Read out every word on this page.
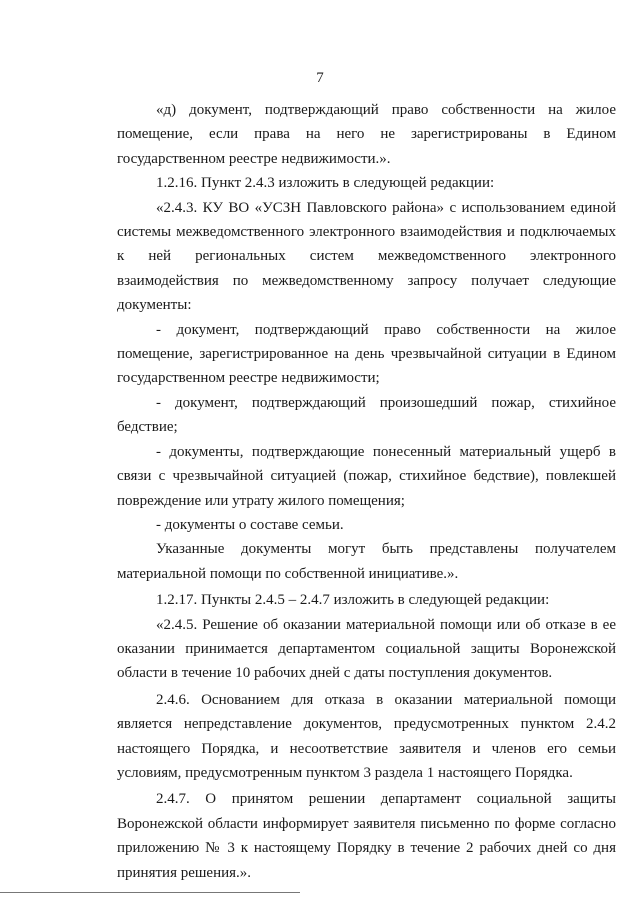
7

«д) документ, подтверждающий право собственности на жилое помещение, если права на него не зарегистрированы в Едином государственном реестре недвижимости.».

1.2.16. Пункт 2.4.3 изложить в следующей редакции:

«2.4.3. КУ ВО «УСЗН Павловского района» с использованием единой системы межведомственного электронного взаимодействия и подключаемых к ней региональных систем межведомственного электронного взаимодействия по межведомственному запросу получает следующие документы:

- документ, подтверждающий право собственности на жилое помещение, зарегистрированное на день чрезвычайной ситуации в Едином государственном реестре недвижимости;

- документ, подтверждающий произошедший пожар, стихийное бедствие;

- документы, подтверждающие понесенный материальный ущерб в связи с чрезвычайной ситуацией (пожар, стихийное бедствие), повлекшей повреждение или утрату жилого помещения;

- документы о составе семьи.

Указанные документы могут быть представлены получателем материальной помощи по собственной инициативе.».

1.2.17. Пункты 2.4.5 – 2.4.7 изложить в следующей редакции:

«2.4.5. Решение об оказании материальной помощи или об отказе в ее оказании принимается департаментом социальной защиты Воронежской области в течение 10 рабочих дней с даты поступления документов.

2.4.6. Основанием для отказа в оказании материальной помощи является непредставление документов, предусмотренных пунктом 2.4.2 настоящего Порядка, и несоответствие заявителя и членов его семьи условиям, предусмотренным пунктом 3 раздела 1 настоящего Порядка.

2.4.7. О принятом решении департамент социальной защиты Воронежской области информирует заявителя письменно по форме согласно приложению № 3 к настоящему Порядку в течение 2 рабочих дней со дня принятия решения.».
